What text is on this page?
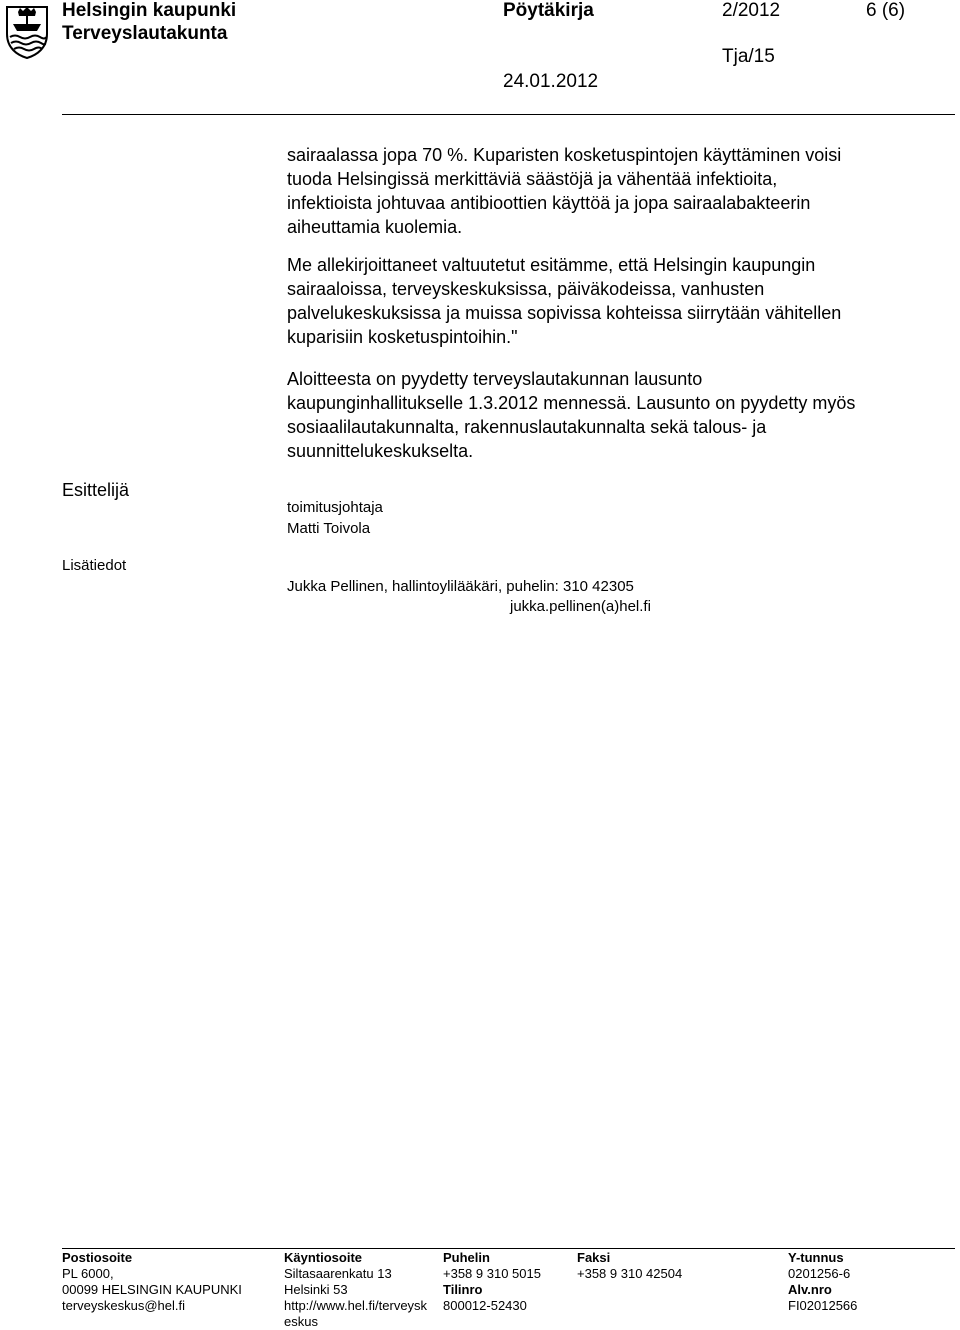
Helsingin kaupunki
Terveyslautakunta
Pöytäkirja	2/2012	6 (6)
Tja/15
24.01.2012

sairaalassa jopa 70 %. Kuparisten kosketuspintojen käyttäminen voisi

tuoda Helsingissä merkittäviä säästöjä ja vähentää infektioita,

infektioista johtuvaa antibioottien käyttöä ja jopa sairaalabakteerin

aiheuttamia kuolemia.

Me allekirjoittaneet valtuutetut esitämme, että Helsingin kaupungin

sairaaloissa, terveyskeskuksissa, päiväkodeissa, vanhusten

palvelukeskuksissa ja muissa sopivissa kohteissa siirrytään vähitellen

kuparisiin kosketuspintoihin."

Aloitteesta on pyydetty terveyslautakunnan lausunto

kaupunginhallitukselle 1.3.2012 mennessä. Lausunto on pyydetty myös

sosiaalilautakunnalta, rakennuslautakunnalta sekä talous- ja

suunnittelukeskukselta.

Esittelijä
toimitusjohtaja
Matti Toivola
Lisätiedot
Jukka Pellinen, hallintoylilääkäri, puhelin: 310 42305
jukka.pellinen(a)hel.fi
Postiosoite
PL 6000,
00099 HELSINGIN KAUPUNKI
terveyskeskus@hel.fi
Käyntiosoite
Siltasaarenkatu 13
Helsinki 53
http://www.hel.fi/terveysk
eskus
Puhelin
+358 9 310 5015
Tilinro
800012-52430
Faksi
+358 9 310 42504
Y-tunnus
0201256-6
Alv.nro
FI02012566
